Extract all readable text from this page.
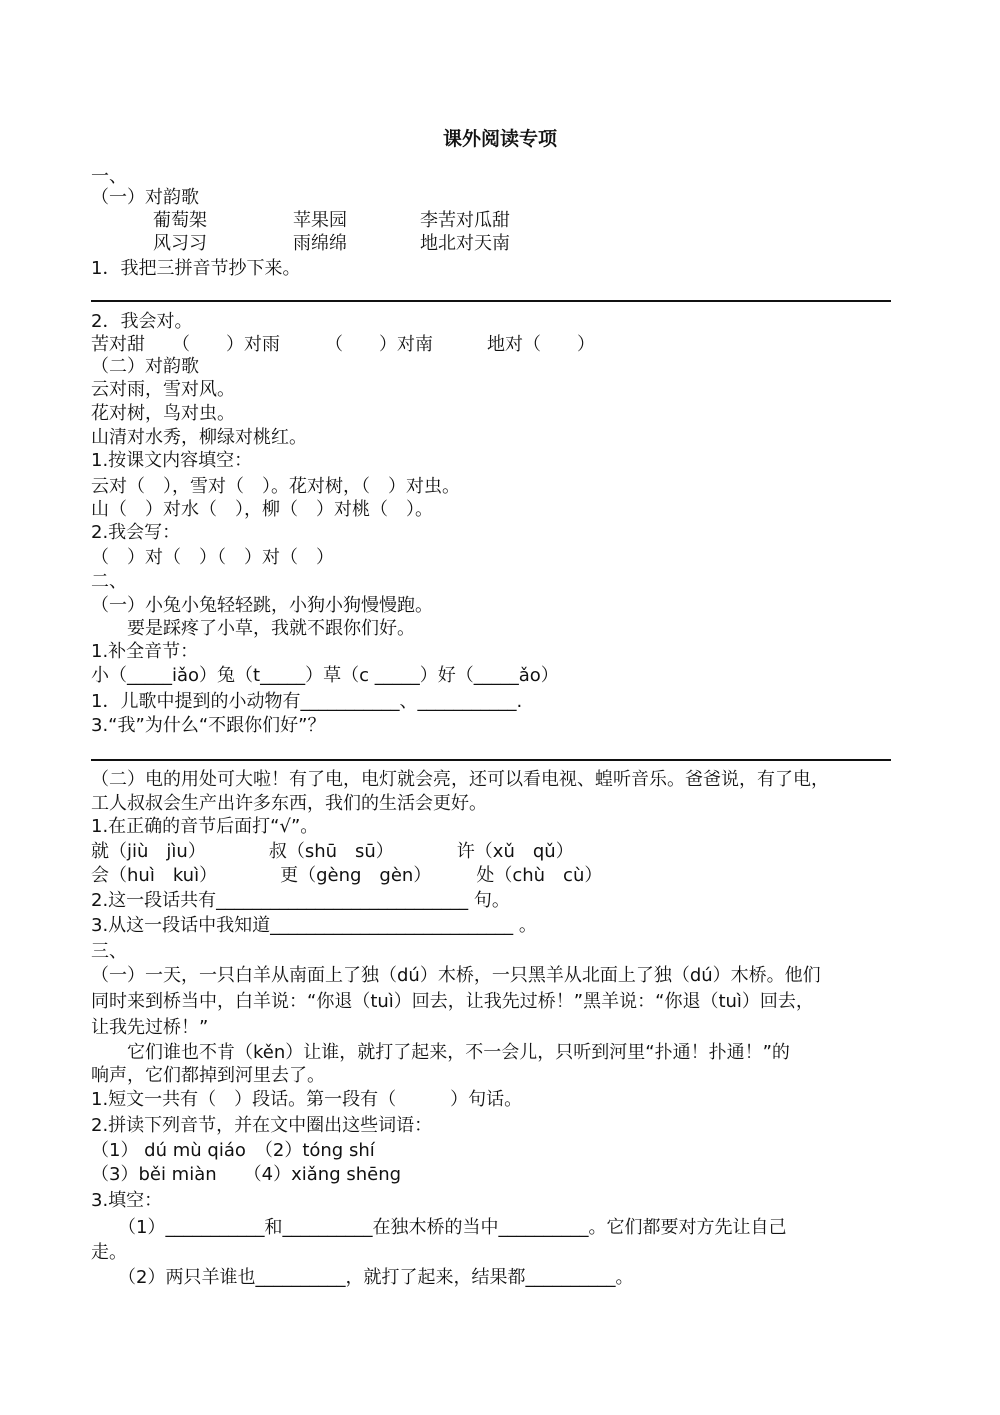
课外阅读专项
一、
（一）对韵歌
葡萄架	苹果园	李苦对瓜甜
风习习	雨绵绵	地北对天南
1．我把三拼音节抄下来。
2．我会对。
苦对甜　　（　　）对雨　　　（　　）对南　　　地对（　　）
（二）对韵歌
云对雨，雪对风。
花对树，鸟对虫。
山清对水秀，柳绿对桃红。
1.按课文内容填空：
云对（　），雪对（　）。花对树，（　）对虫。
山（　）对水（　），柳（　）对桃（　）。
2.我会写：
（　）对（　）（　）对（　）
二、
（一）小兔小兔轻轻跳，小狗小狗慢慢跑。
　　要是踩疼了小草，我就不跟你们好。
1.补全音节：
小（_____iǎo）兔（t_____）草（c _____）好（_____ǎo）
1．儿歌中提到的小动物有___________、___________.
3.“我”为什么“不跟你们好”？
（二）电的用处可大啦！有了电，电灯就会亮，还可以看电视、蝗听音乐。爸爸说，有了电，
工人叔叔会生产出许多东西，我们的生活会更好。
1.在正确的音节后面打“√”。
就（jiù　jìu）　　　　叔（shū　sū）　　　　许（xǔ　qǔ）
会（huì　kuì）　　　　更（gèng　gèn）　　　处（chù　cù）
2.这一段话共有____________________________ 句。
3.从这一段话中我知道___________________________ 。
三、
（一）一天，一只白羊从南面上了独（dú）木桥，一只黑羊从北面上了独（dú）木桥。他们
同时来到桥当中，白羊说：“你退（tuì）回去，让我先过桥！”黑羊说：“你退（tuì）回去，
让我先过桥！”
　　它们谁也不肯（kěn）让谁，就打了起来，不一会儿，只听到河里“扑通！扑通！”的
响声，它们都掉到河里去了。
1.短文一共有（　）段话。第一段有（　　　）句话。
2.拼读下列音节，并在文中圈出这些词语：
（1） dú mù qiáo　（2）tóng shí
（3）běi miàn　　（4）xiǎng shēng
3.填空：
　　（1）___________和__________在独木桥的当中__________。它们都要对方先让自己
走。
　　（2）两只羊谁也__________，就打了起来，结果都__________。
